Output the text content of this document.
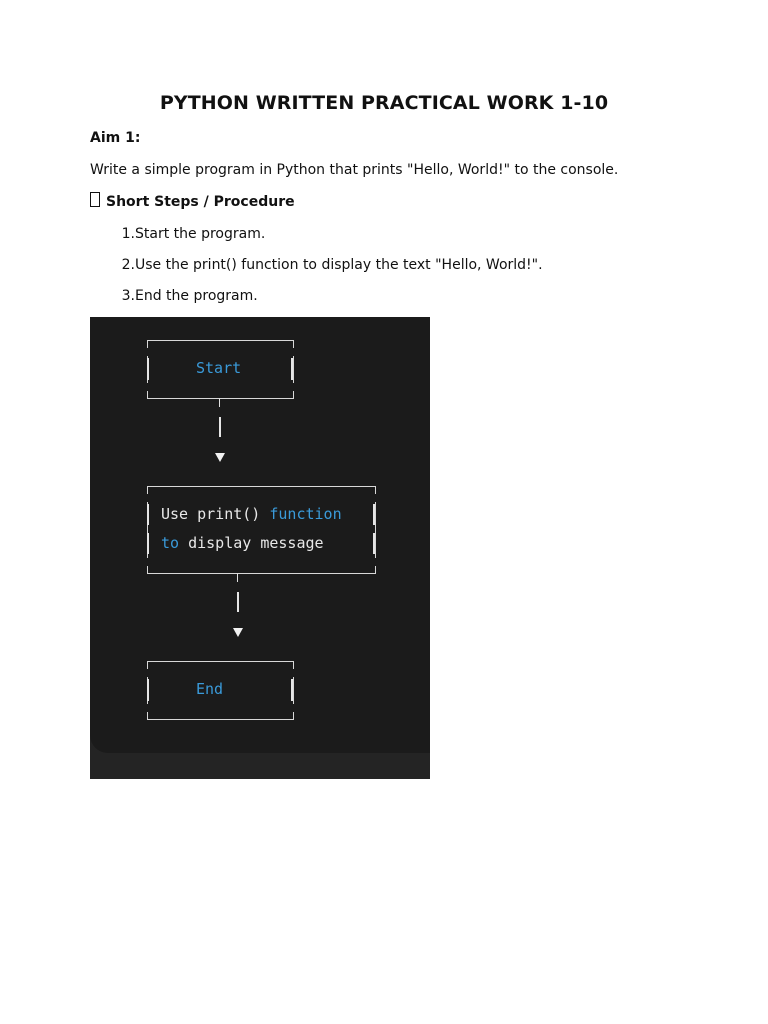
PYTHON WRITTEN PRACTICAL WORK 1-10
Aim 1:
Write a simple program in Python that prints "Hello, World!" to the console.
Short Steps / Procedure
1. Start the program.
2. Use the print() function to display the text "Hello, World!".
3. End the program.
Start
Use print() function
to display message
End
